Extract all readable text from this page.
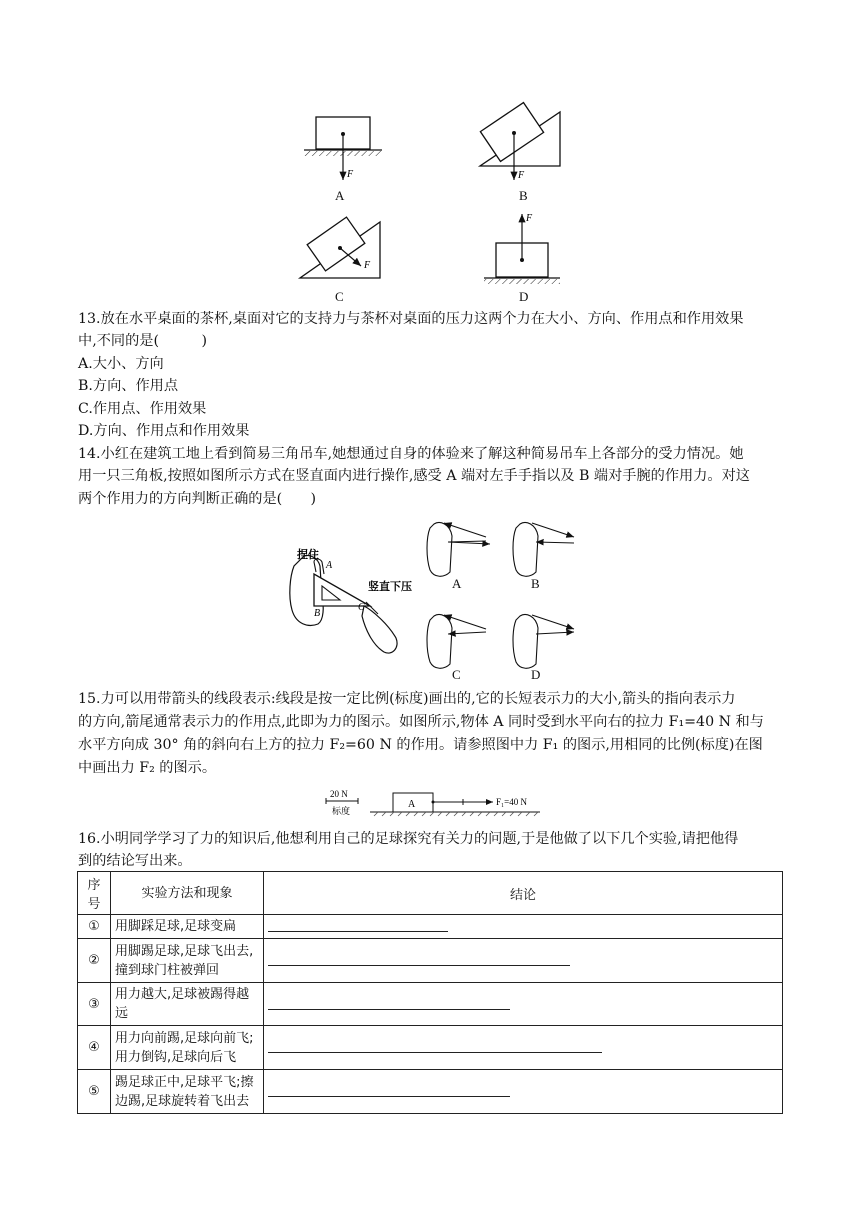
F	F
F
F
A	B
C	D
13.放在水平桌面的茶杯,桌面对它的支持力与茶杯对桌面的压力这两个力在大小、方向、作用点和作用效果
中,不同的是(　　　)
A.大小、方向
B.方向、作用点
C.作用点、作用效果
D.方向、作用点和作用效果
14.小红在建筑工地上看到简易三角吊车,她想通过自身的体验来了解这种简易吊车上各部分的受力情况。她
用一只三角板,按照如图所示方式在竖直面内进行操作,感受 A 端对左手手指以及 B 端对手腕的作用力。对这
两个作用力的方向判断正确的是(　　)
捏住
A
B
C
竖直下压	A	B
C	D
15.力可以用带箭头的线段表示:线段是按一定比例(标度)画出的,它的长短表示力的大小,箭头的指向表示力
的方向,箭尾通常表示力的作用点,此即为力的图示。如图所示,物体 A 同时受到水平向右的拉力 F₁=40 N 和与
水平方向成 30° 角的斜向右上方的拉力 F₂=60 N 的作用。请参照图中力 F₁ 的图示,用相同的比例(标度)在图
中画出力 F₂ 的图示。
20 N
标度
A	F₁=40 N
16.小明同学学习了力的知识后,他想利用自己的足球探究有关力的问题,于是他做了以下几个实验,请把他得
到的结论写出来。
序号	实验方法和现象	结论
①	用脚踩足球,足球变扁	
②	用脚踢足球,足球飞出去,撞到球门柱被弹回	
③	用力越大,足球被踢得越远	
④	用力向前踢,足球向前飞;用力倒钩,足球向后飞	
⑤	踢足球正中,足球平飞;擦边踢,足球旋转着飞出去	
